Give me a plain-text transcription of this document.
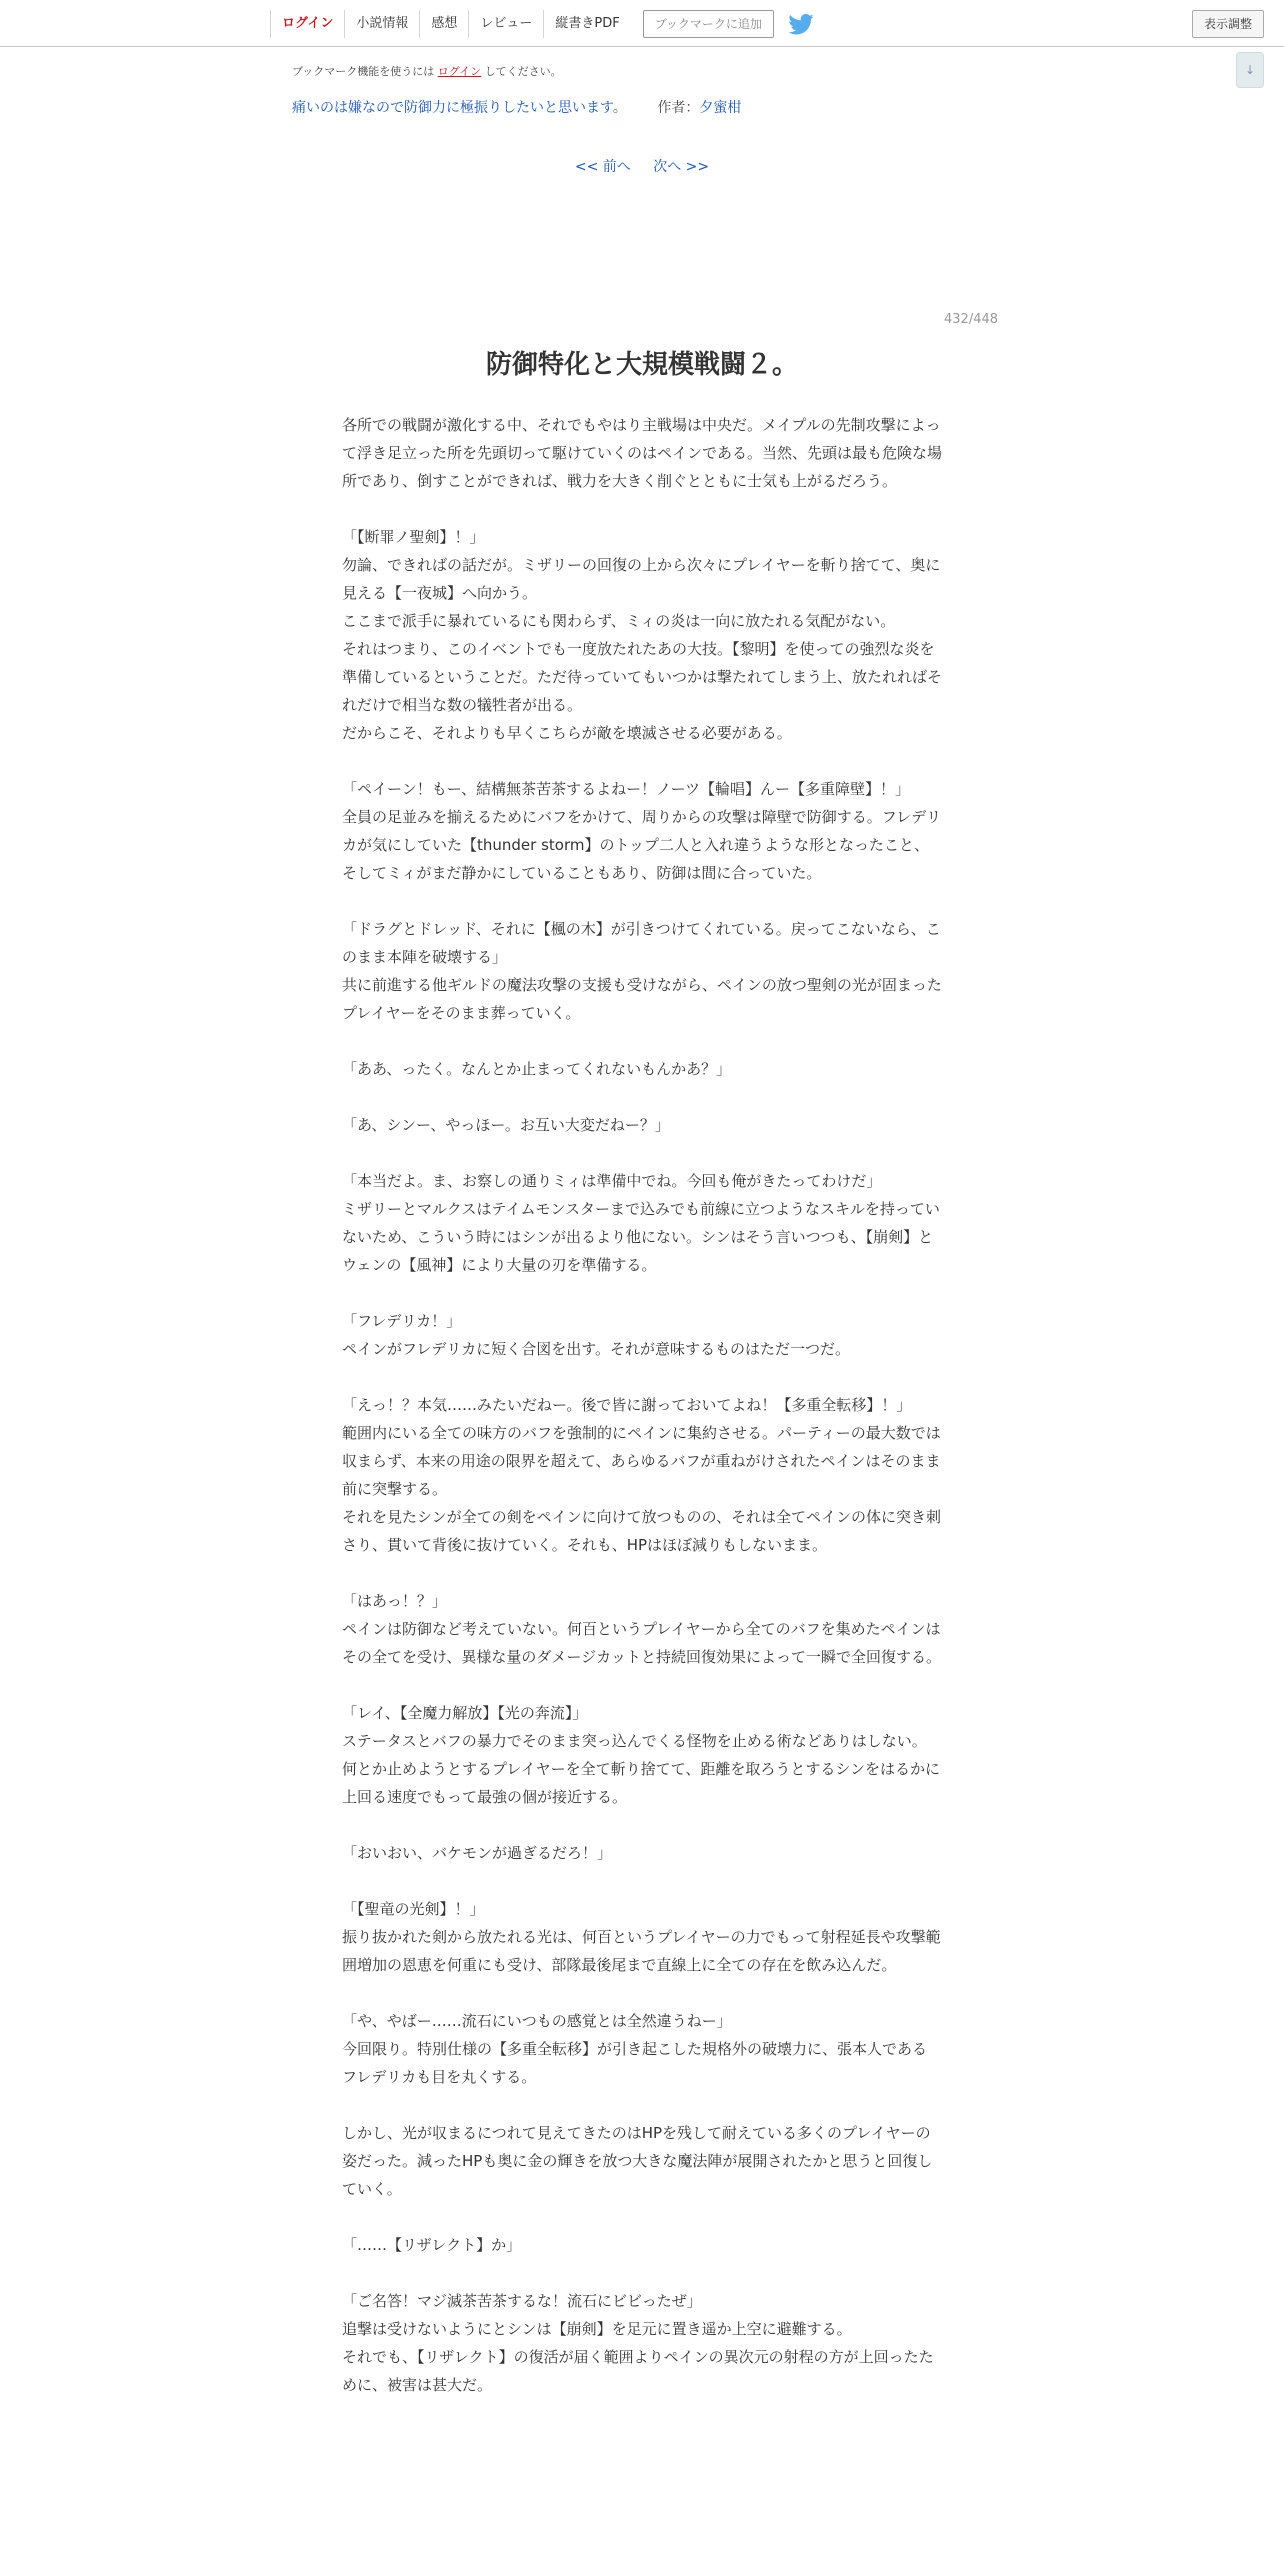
ログイン	小説情報	感想	レビュー	縦書きPDF	ブックマークに追加	表示調整
↓
ブックマーク機能を使うには ログイン してください。
痛いのは嫌なので防御力に極振りしたいと思います。 作者：夕蜜柑
<< 前へ 次へ >>
432/448
防御特化と大規模戦闘２。

各所での戦闘が激化する中、それでもやはり主戦場は中央だ。メイプルの先制攻撃によって浮き足立った所を先頭切って駆けていくのはペインである。当然、先頭は最も危険な場所であり、倒すことができれば、戦力を大きく削ぐとともに士気も上がるだろう。

「【断罪ノ聖剣】！」

勿論、できればの話だが。ミザリーの回復の上から次々にプレイヤーを斬り捨てて、奥に見える【一夜城】へ向かう。

ここまで派手に暴れているにも関わらず、ミィの炎は一向に放たれる気配がない。

それはつまり、このイベントでも一度放たれたあの大技。【黎明】を使っての強烈な炎を準備しているということだ。ただ待っていてもいつかは撃たれてしまう上、放たれればそれだけで相当な数の犠牲者が出る。

だからこそ、それよりも早くこちらが敵を壊滅させる必要がある。

「ペイーン！もー、結構無茶苦茶するよねー！ノーツ【輪唱】んー【多重障壁】！」

全員の足並みを揃えるためにバフをかけて、周りからの攻撃は障壁で防御する。フレデリカが気にしていた【thunder storm】のトップ二人と入れ違うような形となったこと、そしてミィがまだ静かにしていることもあり、防御は間に合っていた。

「ドラグとドレッド、それに【楓の木】が引きつけてくれている。戻ってこないなら、このまま本陣を破壊する」

共に前進する他ギルドの魔法攻撃の支援も受けながら、ペインの放つ聖剣の光が固まったプレイヤーをそのまま葬っていく。

「ああ、ったく。なんとか止まってくれないもんかあ？」

「あ、シンー、やっほー。お互い大変だねー？」

「本当だよ。ま、お察しの通りミィは準備中でね。今回も俺がきたってわけだ」

ミザリーとマルクスはテイムモンスターまで込みでも前線に立つようなスキルを持っていないため、こういう時にはシンが出るより他にない。シンはそう言いつつも、【崩剣】とウェンの【風神】により大量の刃を準備する。

「フレデリカ！」

ペインがフレデリカに短く合図を出す。それが意味するものはただ一つだ。

「えっ！？本気……みたいだねー。後で皆に謝っておいてよね！【多重全転移】！」

範囲内にいる全ての味方のバフを強制的にペインに集約させる。パーティーの最大数では収まらず、本来の用途の限界を超えて、あらゆるバフが重ねがけされたペインはそのまま前に突撃する。

それを見たシンが全ての剣をペインに向けて放つものの、それは全てペインの体に突き刺さり、貫いて背後に抜けていく。それも、HPはほぼ減りもしないまま。

「はあっ！？」

ペインは防御など考えていない。何百というプレイヤーから全てのバフを集めたペインはその全てを受け、異様な量のダメージカットと持続回復効果によって一瞬で全回復する。

「レイ、【全魔力解放】【光の奔流】」

ステータスとバフの暴力でそのまま突っ込んでくる怪物を止める術などありはしない。

何とか止めようとするプレイヤーを全て斬り捨てて、距離を取ろうとするシンをはるかに上回る速度でもって最強の個が接近する。

「おいおい、バケモンが過ぎるだろ！」

「【聖竜の光剣】！」

振り抜かれた剣から放たれる光は、何百というプレイヤーの力でもって射程延長や攻撃範囲増加の恩恵を何重にも受け、部隊最後尾まで直線上に全ての存在を飲み込んだ。

「や、やばー……流石にいつもの感覚とは全然違うねー」

今回限り。特別仕様の【多重全転移】が引き起こした規格外の破壊力に、張本人であるフレデリカも目を丸くする。

しかし、光が収まるにつれて見えてきたのはHPを残して耐えている多くのプレイヤーの姿だった。減ったHPも奥に金の輝きを放つ大きな魔法陣が展開されたかと思うと回復していく。

「……【リザレクト】か」

「ご名答！マジ滅茶苦茶するな！流石にビビったぜ」

追撃は受けないようにとシンは【崩剣】を足元に置き遥か上空に避難する。

それでも、【リザレクト】の復活が届く範囲よりペインの異次元の射程の方が上回ったために、被害は甚大だ。
